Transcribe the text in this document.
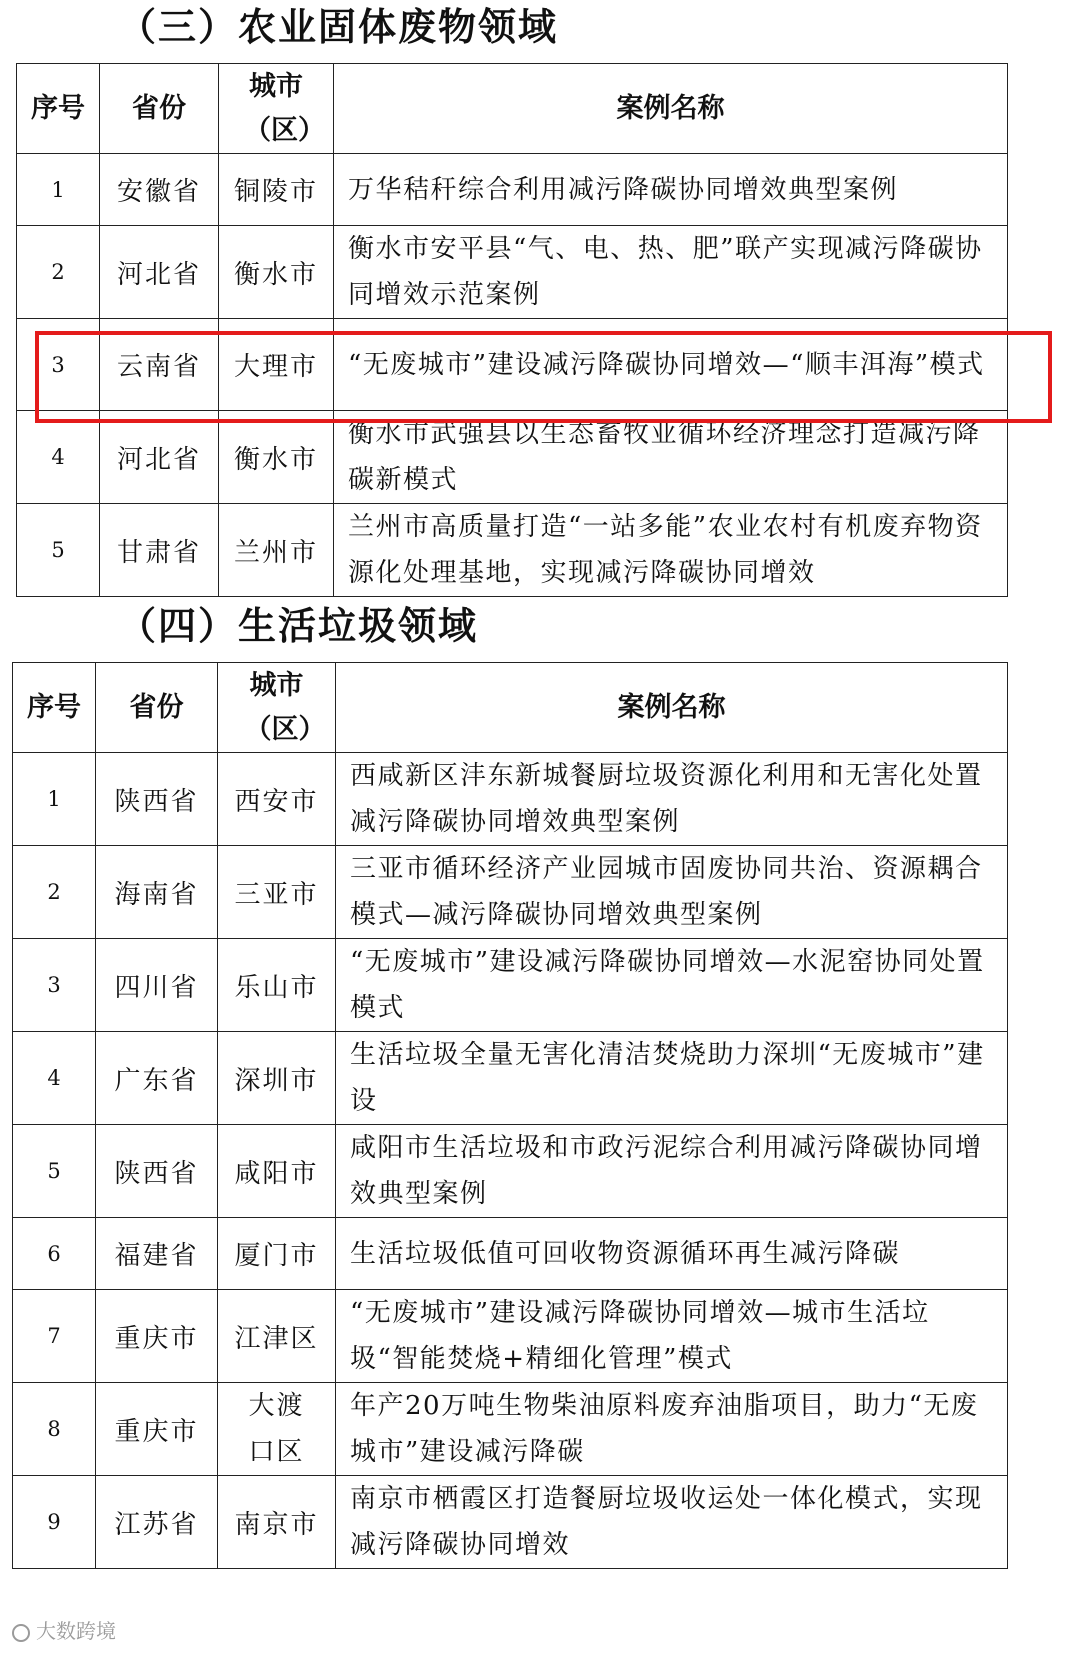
（三）农业固体废物领域
序号	省份	城市（区）	案例名称
1	安徽省	铜陵市	万华秸秆综合利用减污降碳协同增效典型案例
2	河北省	衡水市	衡水市安平县“气、电、热、肥”联产实现减污降碳协同增效示范案例
3	云南省	大理市	“无废城市”建设减污降碳协同增效—“顺丰洱海”模式
4	河北省	衡水市	衡水市武强县以生态畜牧业循环经济理念打造减污降碳新模式
5	甘肃省	兰州市	兰州市高质量打造“一站多能”农业农村有机废弃物资源化处理基地，实现减污降碳协同增效
（四）生活垃圾领域
序号	省份	城市（区）	案例名称
1	陕西省	西安市	西咸新区沣东新城餐厨垃圾资源化利用和无害化处置减污降碳协同增效典型案例
2	海南省	三亚市	三亚市循环经济产业园城市固废协同共治、资源耦合模式—减污降碳协同增效典型案例
3	四川省	乐山市	“无废城市”建设减污降碳协同增效—水泥窑协同处置模式
4	广东省	深圳市	生活垃圾全量无害化清洁焚烧助力深圳“无废城市”建设
5	陕西省	咸阳市	咸阳市生活垃圾和市政污泥综合利用减污降碳协同增效典型案例
6	福建省	厦门市	生活垃圾低值可回收物资源循环再生减污降碳
7	重庆市	江津区	“无废城市”建设减污降碳协同增效—城市生活垃圾“智能焚烧+精细化管理”模式
8	重庆市	大渡口区	年产20万吨生物柴油原料废弃油脂项目，助力“无废城市”建设减污降碳
9	江苏省	南京市	南京市栖霞区打造餐厨垃圾收运处一体化模式，实现减污降碳协同增效
大数跨境
